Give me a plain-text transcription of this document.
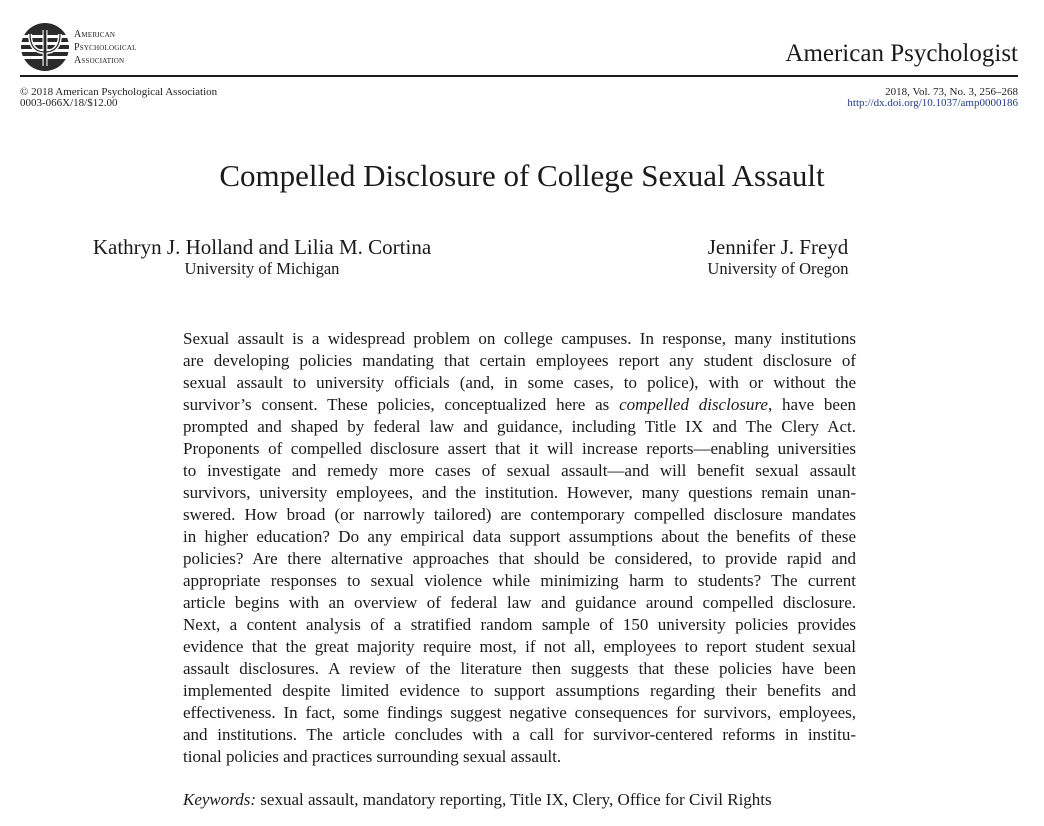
American
Psychological
Association	American Psychologist
© 2018 American Psychological Association
0003-066X/18/$12.00
2018, Vol. 73, No. 3, 256–268
http://dx.doi.org/10.1037/amp0000186
Compelled Disclosure of College Sexual Assault
Kathryn J. Holland and Lilia M. Cortina
University of Michigan
Jennifer J. Freyd
University of Oregon
Sexual assault is a widespread problem on college campuses. In response, many institutions
are developing policies mandating that certain employees report any student disclosure of
sexual assault to university officials (and, in some cases, to police), with or without the
survivor’s consent. These policies, conceptualized here as compelled disclosure, have been
prompted and shaped by federal law and guidance, including Title IX and The Clery Act.
Proponents of compelled disclosure assert that it will increase reports—enabling universities
to investigate and remedy more cases of sexual assault—and will benefit sexual assault
survivors, university employees, and the institution. However, many questions remain unan-
swered. How broad (or narrowly tailored) are contemporary compelled disclosure mandates
in higher education? Do any empirical data support assumptions about the benefits of these
policies? Are there alternative approaches that should be considered, to provide rapid and
appropriate responses to sexual violence while minimizing harm to students? The current
article begins with an overview of federal law and guidance around compelled disclosure.
Next, a content analysis of a stratified random sample of 150 university policies provides
evidence that the great majority require most, if not all, employees to report student sexual
assault disclosures. A review of the literature then suggests that these policies have been
implemented despite limited evidence to support assumptions regarding their benefits and
effectiveness. In fact, some findings suggest negative consequences for survivors, employees,
and institutions. The article concludes with a call for survivor-centered reforms in institu-
tional policies and practices surrounding sexual assault.
Keywords: sexual assault, mandatory reporting, Title IX, Clery, Office for Civil Rights
